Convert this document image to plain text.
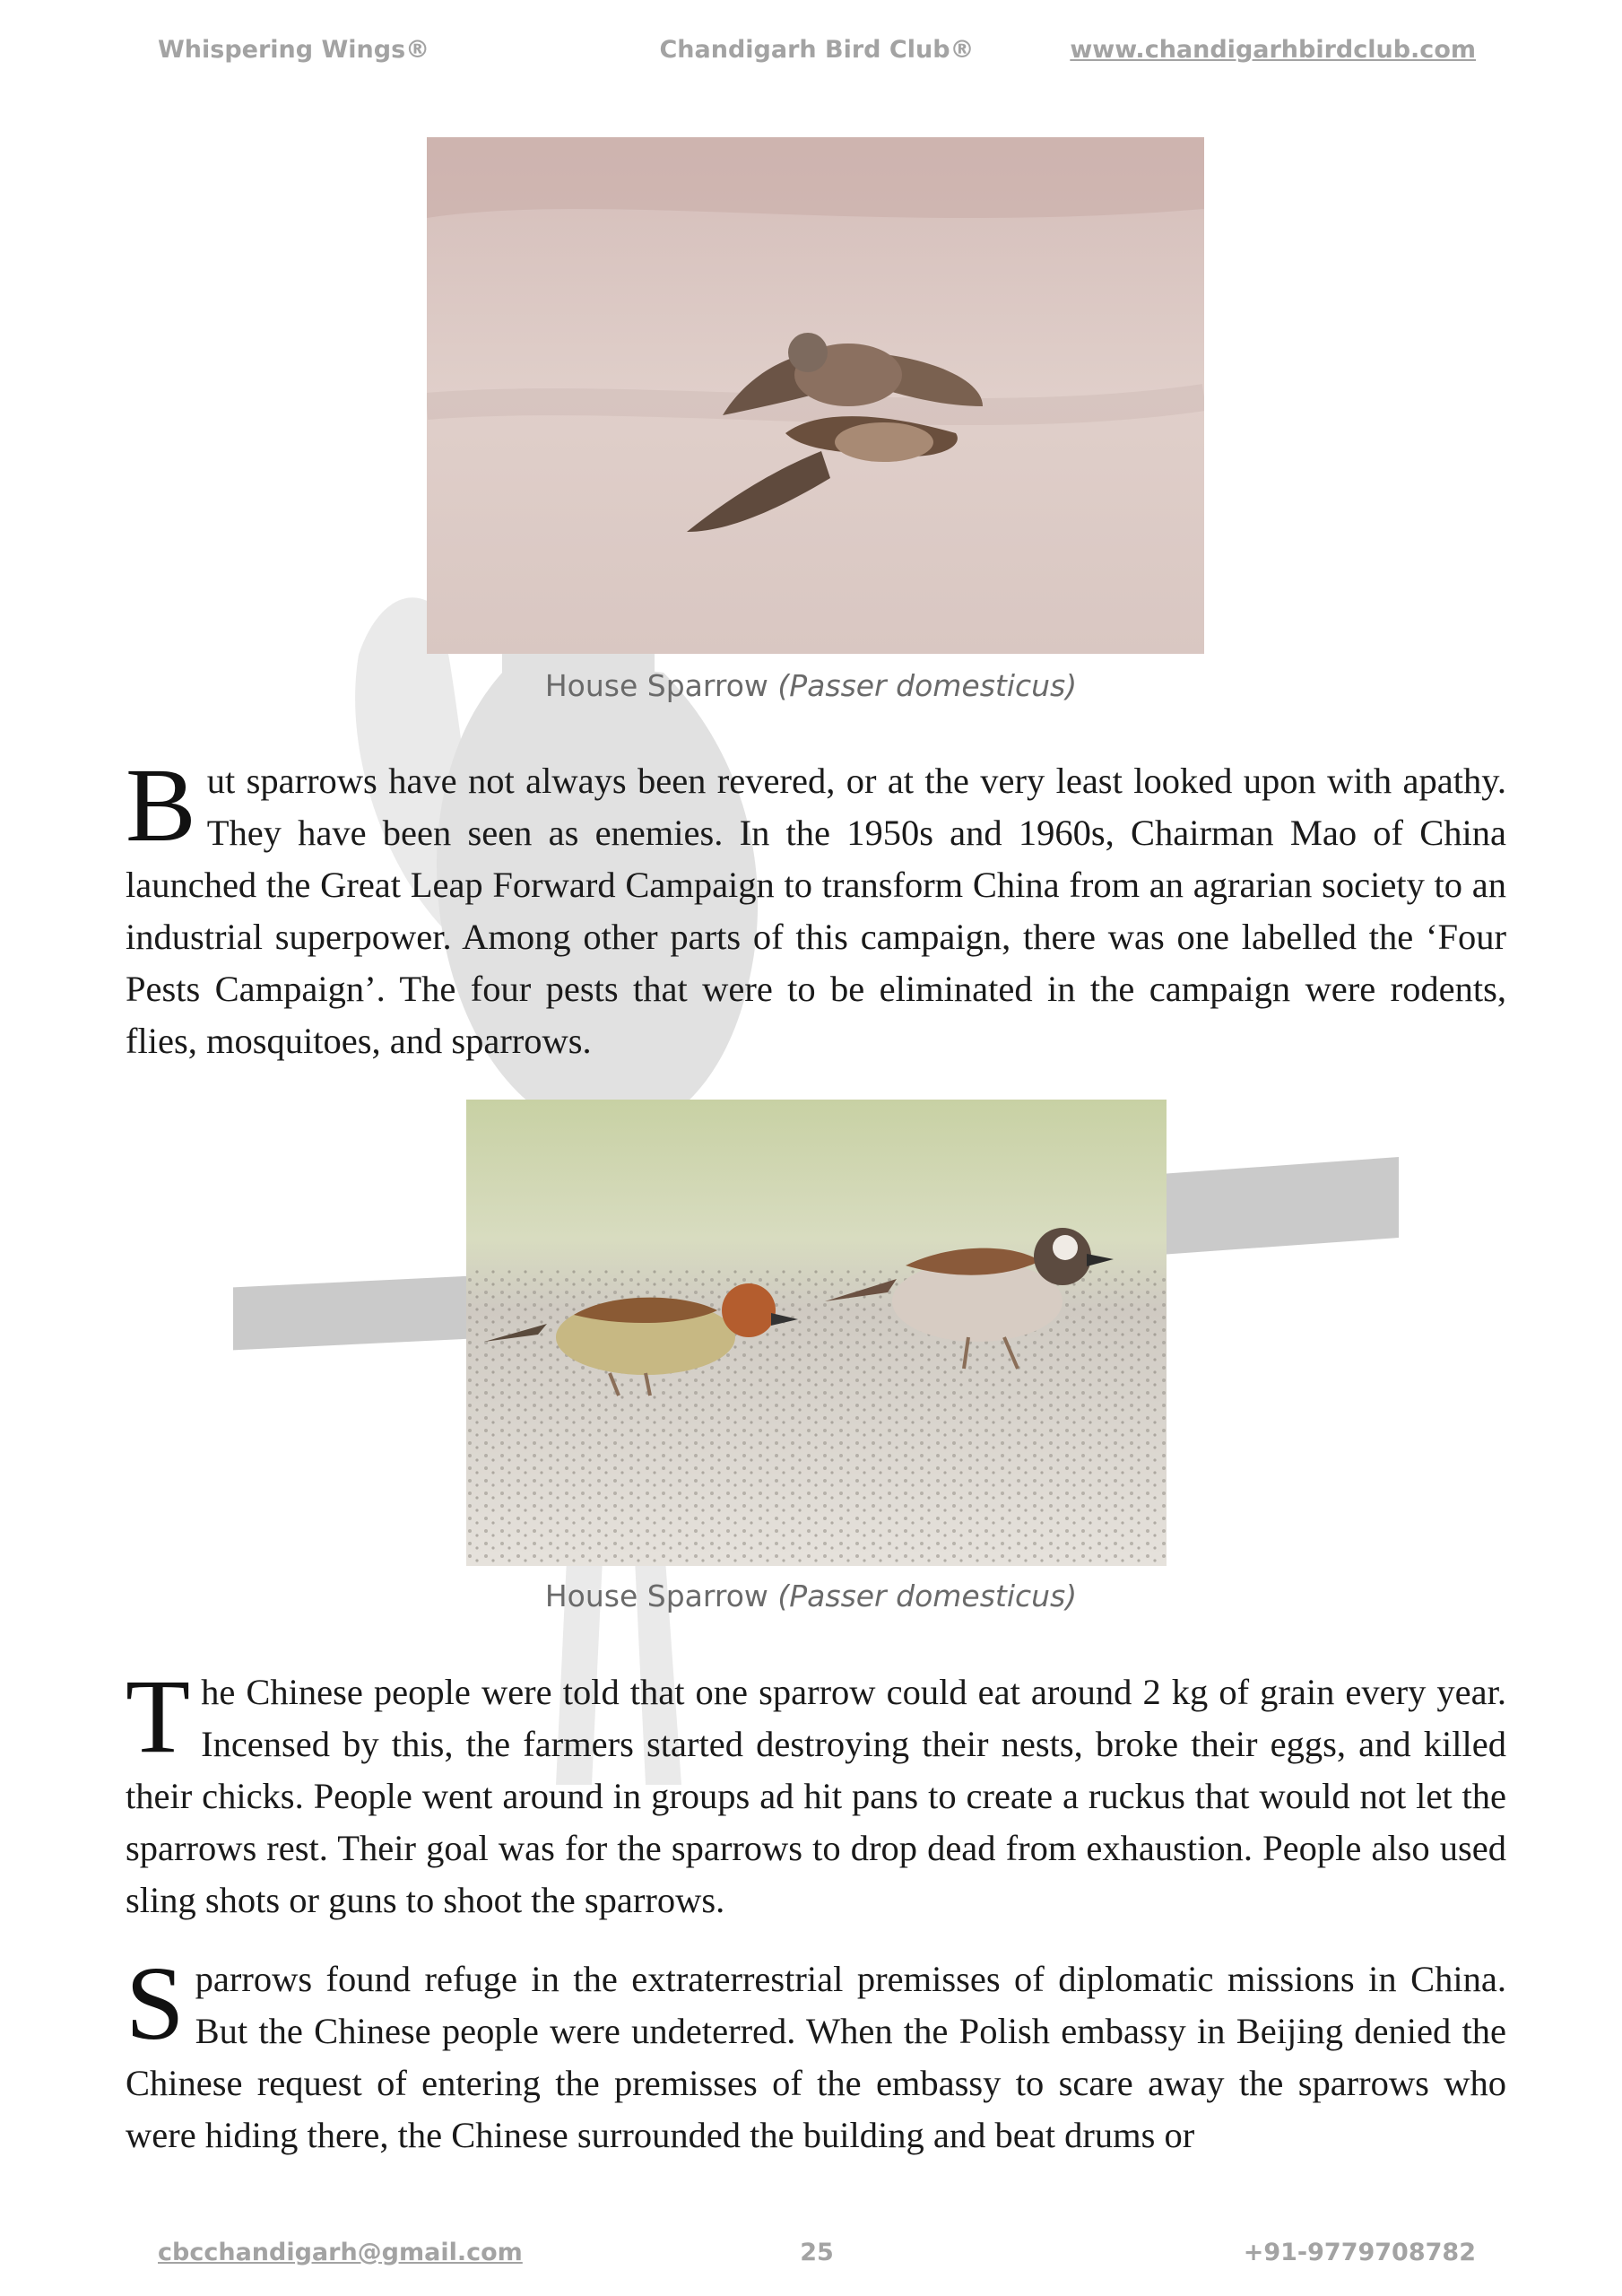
Whispering Wings®	Chandigarh Bird Club®	www.chandigarhbirdclub.com
House Sparrow (Passer domesticus)

But sparrows have not always been revered, or at the very least looked upon with apathy. They have been seen as enemies. In the 1950s and 1960s, Chairman Mao of China launched the Great Leap Forward Campaign to transform China from an agrarian society to an industrial superpower. Among other parts of this campaign, there was one labelled the ‘Four Pests Campaign’. The four pests that were to be eliminated in the campaign were rodents, flies, mosquitoes, and sparrows.

House Sparrow (Passer domesticus)

The Chinese people were told that one sparrow could eat around 2 kg of grain every year. Incensed by this, the farmers started destroying their nests, broke their eggs, and killed their chicks. People went around in groups ad hit pans to create a ruckus that would not let the sparrows rest. Their goal was for the sparrows to drop dead from exhaustion. People also used sling shots or guns to shoot the sparrows.

Sparrows found refuge in the extraterrestrial premisses of diplomatic missions in China. But the Chinese people were undeterred. When the Polish embassy in Beijing denied the Chinese request of entering the premisses of the embassy to scare away the sparrows who were hiding there, the Chinese surrounded the building and beat drums or

cbcchandigarh@gmail.com	25	+91-9779708782
